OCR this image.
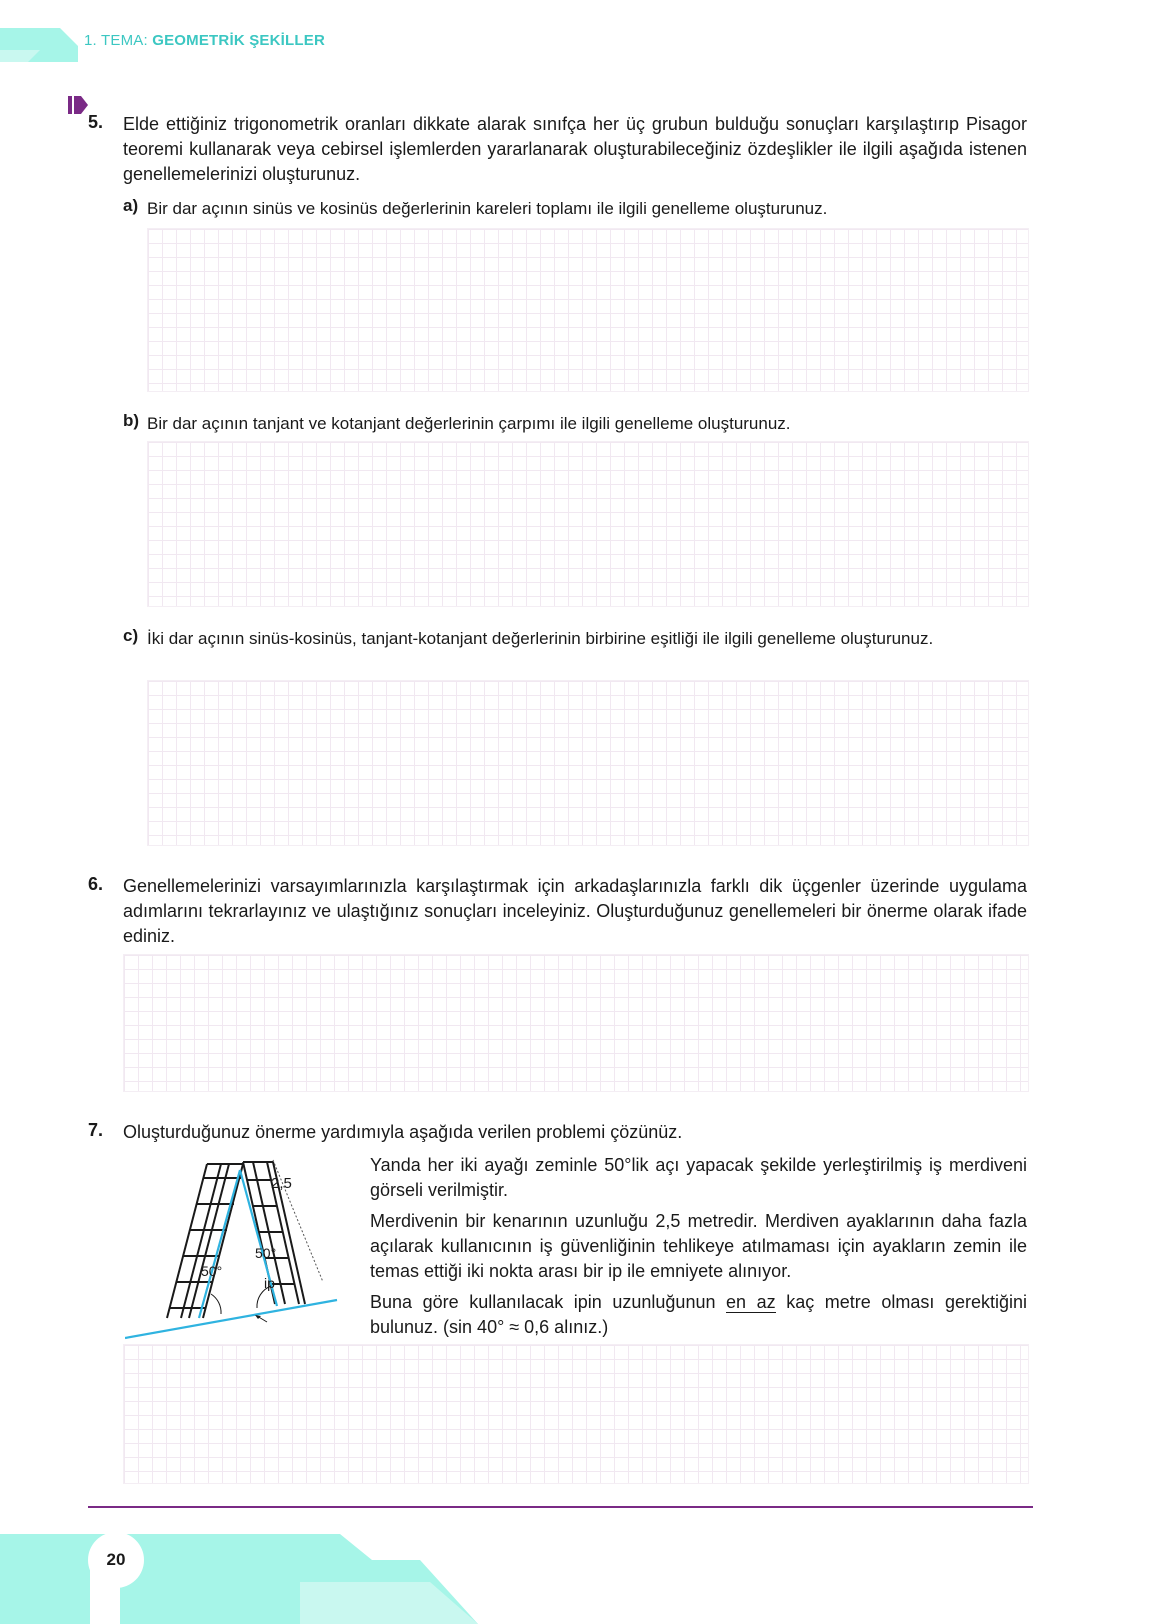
1. TEMA: GEOMETRİK ŞEKİLLER
5. Elde ettiğiniz trigonometrik oranları dikkate alarak sınıfça her üç grubun bulduğu sonuçları karşılaştırıp Pisagor teoremi kullanarak veya cebirsel işlemlerden yararlanarak oluşturabileceğiniz özdeşlikler ile ilgili aşağıda istenen genellemelerinizi oluşturunuz.
a) Bir dar açının sinüs ve kosinüs değerlerinin kareleri toplamı ile ilgili genelleme oluşturunuz.
b) Bir dar açının tanjant ve kotanjant değerlerinin çarpımı ile ilgili genelleme oluşturunuz.
c) İki dar açının sinüs-kosinüs, tanjant-kotanjant değerlerinin birbirine eşitliği ile ilgili genelleme oluşturunuz.
6. Genellemelerinizi varsayımlarınızla karşılaştırmak için arkadaşlarınızla farklı dik üçgenler üzerinde uygulama adımlarını tekrarlayınız ve ulaştığınız sonuçları inceleyiniz. Oluşturduğunuz genellemeleri bir önerme olarak ifade ediniz.
7. Oluşturduğunuz önerme yardımıyla aşağıda verilen problemi çözünüz.
Yanda her iki ayağı zeminle 50°lik açı yapacak şekilde yerleştirilmiş iş merdiveni görseli verilmiştir.
Merdivenin bir kenarının uzunluğu 2,5 metredir. Merdiven ayaklarının daha fazla açılarak kullanıcının iş güvenliğinin tehlikeye atılmaması için ayakların zemin ile temas ettiği iki nokta arası bir ip ile emniyete alınıyor.
Buna göre kullanılacak ipin uzunluğunun en az kaç metre olması gerektiğini bulunuz. (sin 40° ≈ 0,6 alınız.)
2,5
50°
50°
ip
20
